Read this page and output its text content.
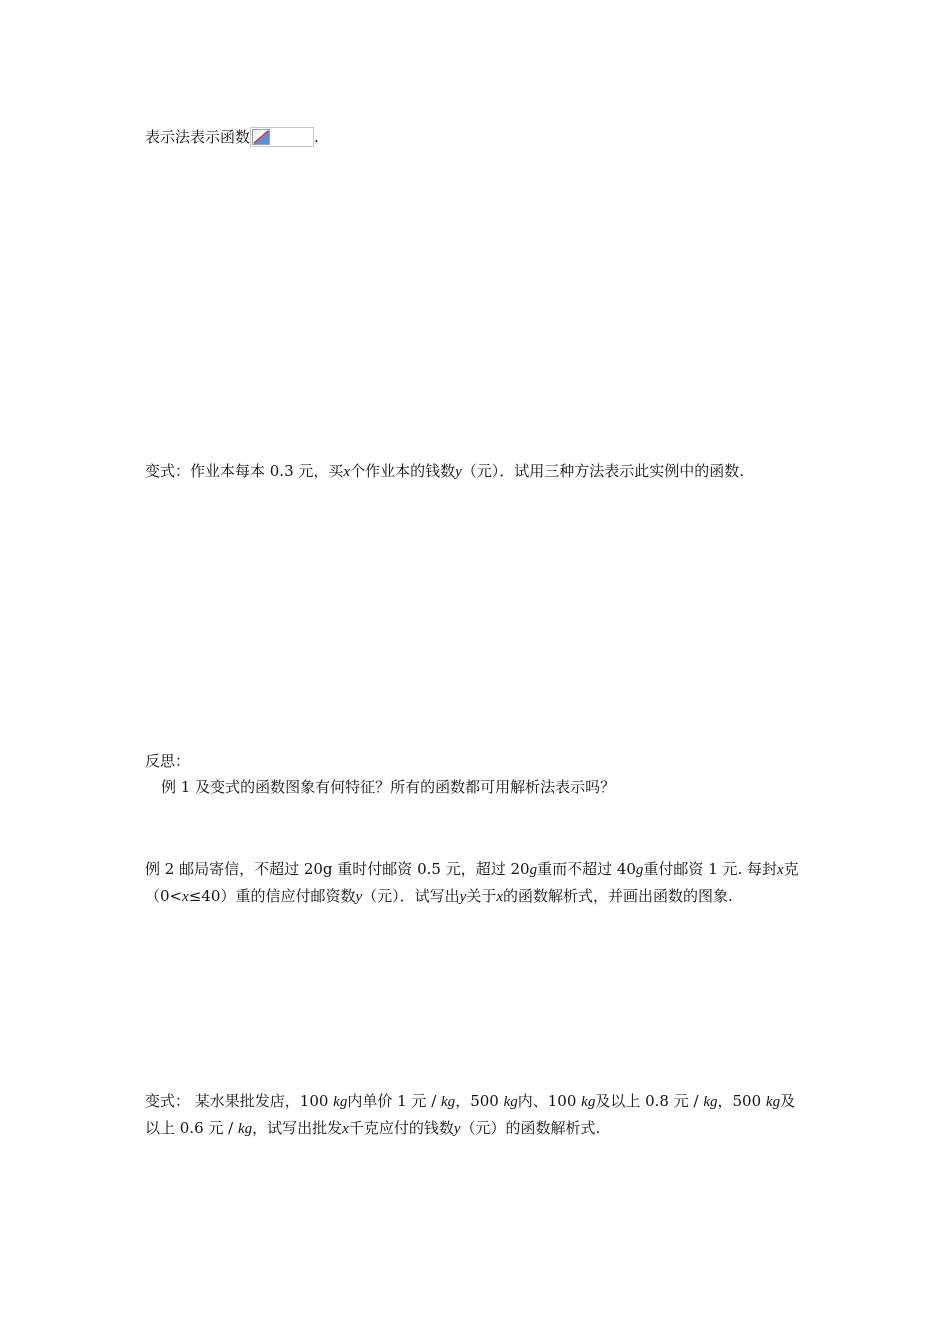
表示法表示函数	.

变式：作业本每本 0.3 元，买x个作业本的钱数y（元）．试用三种方法表示此实例中的函数.

反思：

例 1 及变式的函数图象有何特征？所有的函数都可用解析法表示吗？

例 2 邮局寄信，不超过 20g 重时付邮资 0.5 元，超过 20g重而不超过 40g重付邮资 1 元. 每封x克（0<x≤40）重的信应付邮资数y（元）．试写出y关于x的函数解析式，并画出函数的图象.

变式： 某水果批发店，100 kg内单价 1 元 / kg，500 kg内、100 kg及以上 0.8 元 / kg，500 kg及以上 0.6 元 / kg，试写出批发x千克应付的钱数y（元）的函数解析式.
